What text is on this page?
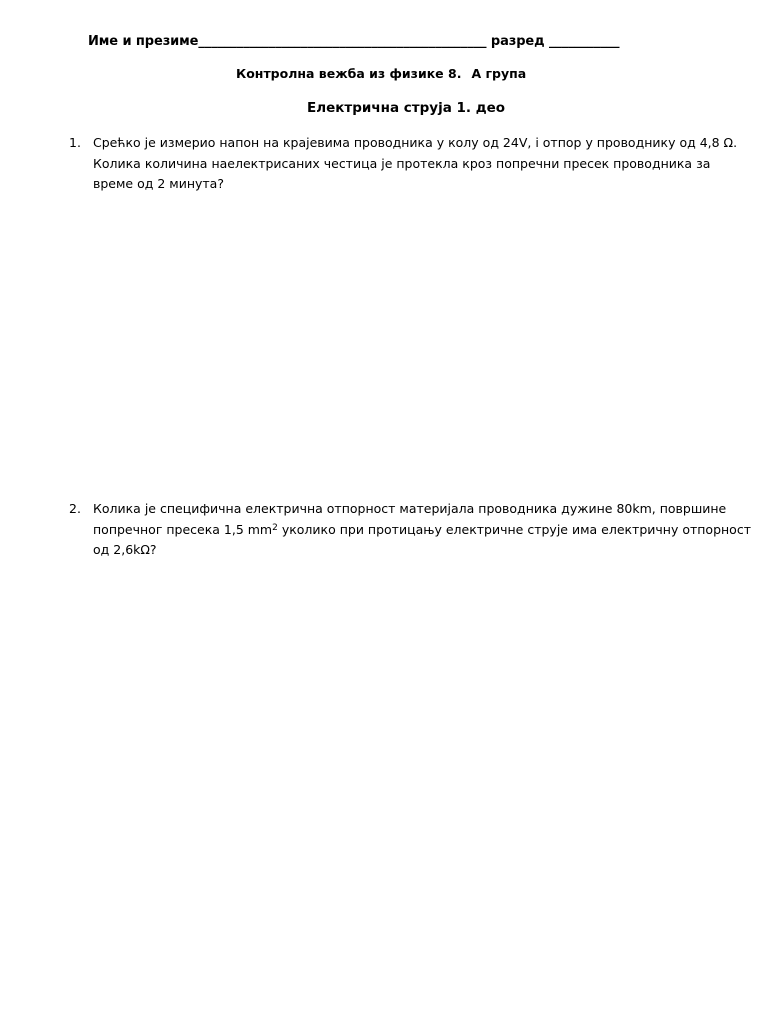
Име и презиме_____________________________________________ разред ___________
Контролна вежба из физике 8. А група
Електрична струја 1. део
1. Срећко је измерио напон на крајевима проводника у колу од 24V, і отпор у проводнику од 4,8 Ω.
Колика количина наелектрисаних честица је протекла кроз попречни пресек проводника за
време од 2 минута?
2. Колика је специфична електрична отпорност материјала проводника дужине 80km, површине
попречног пресека 1,5 $mm^2$ уколико при протицању електричне струје има електричну отпорност
од 2,6kΩ?
